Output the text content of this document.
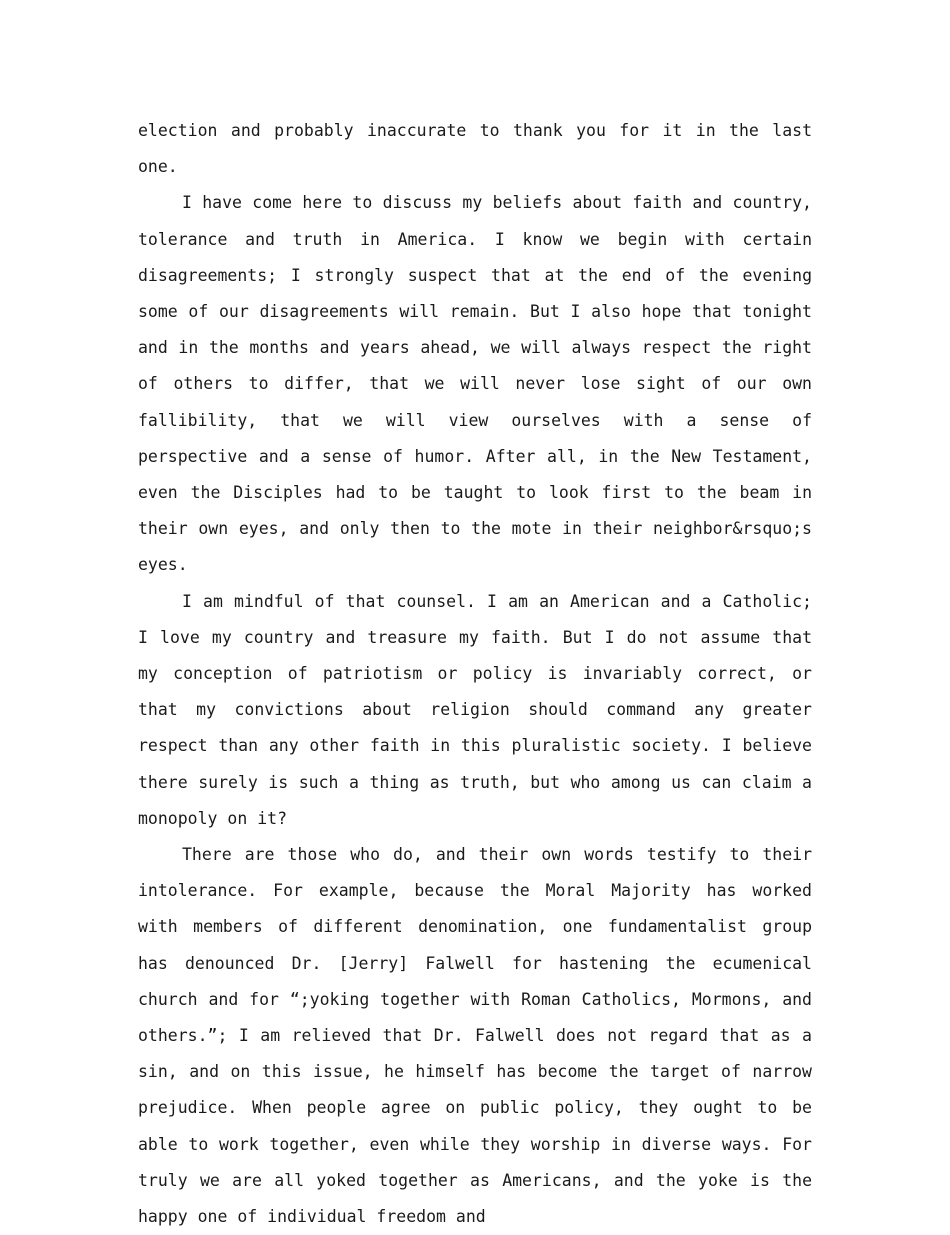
election and probably inaccurate to thank you for it in the last one.

I have come here to discuss my beliefs about faith and country, tolerance and truth in America. I know we begin with certain disagreements; I strongly suspect that at the end of the evening some of our disagreements will remain. But I also hope that tonight and in the months and years ahead, we will always respect the right of others to differ, that we will never lose sight of our own fallibility, that we will view ourselves with a sense of perspective and a sense of humor. After all, in the New Testament, even the Disciples had to be taught to look first to the beam in their own eyes, and only then to the mote in their neighbor&rsquo;s eyes.

I am mindful of that counsel. I am an American and a Catholic; I love my country and treasure my faith. But I do not assume that my conception of patriotism or policy is invariably correct, or that my convictions about religion should command any greater respect than any other faith in this pluralistic society. I believe there surely is such a thing as truth, but who among us can claim a monopoly on it?

There are those who do, and their own words testify to their intolerance. For example, because the Moral Majority has worked with members of different denomination, one fundamentalist group has denounced Dr. [Jerry] Falwell for hastening the ecumenical church and for “;yoking together with Roman Catholics, Mormons, and others.”; I am relieved that Dr. Falwell does not regard that as a sin, and on this issue, he himself has become the target of narrow prejudice. When people agree on public policy, they ought to be able to work together, even while they worship in diverse ways. For truly we are all yoked together as Americans, and the yoke is the happy one of individual freedom and
